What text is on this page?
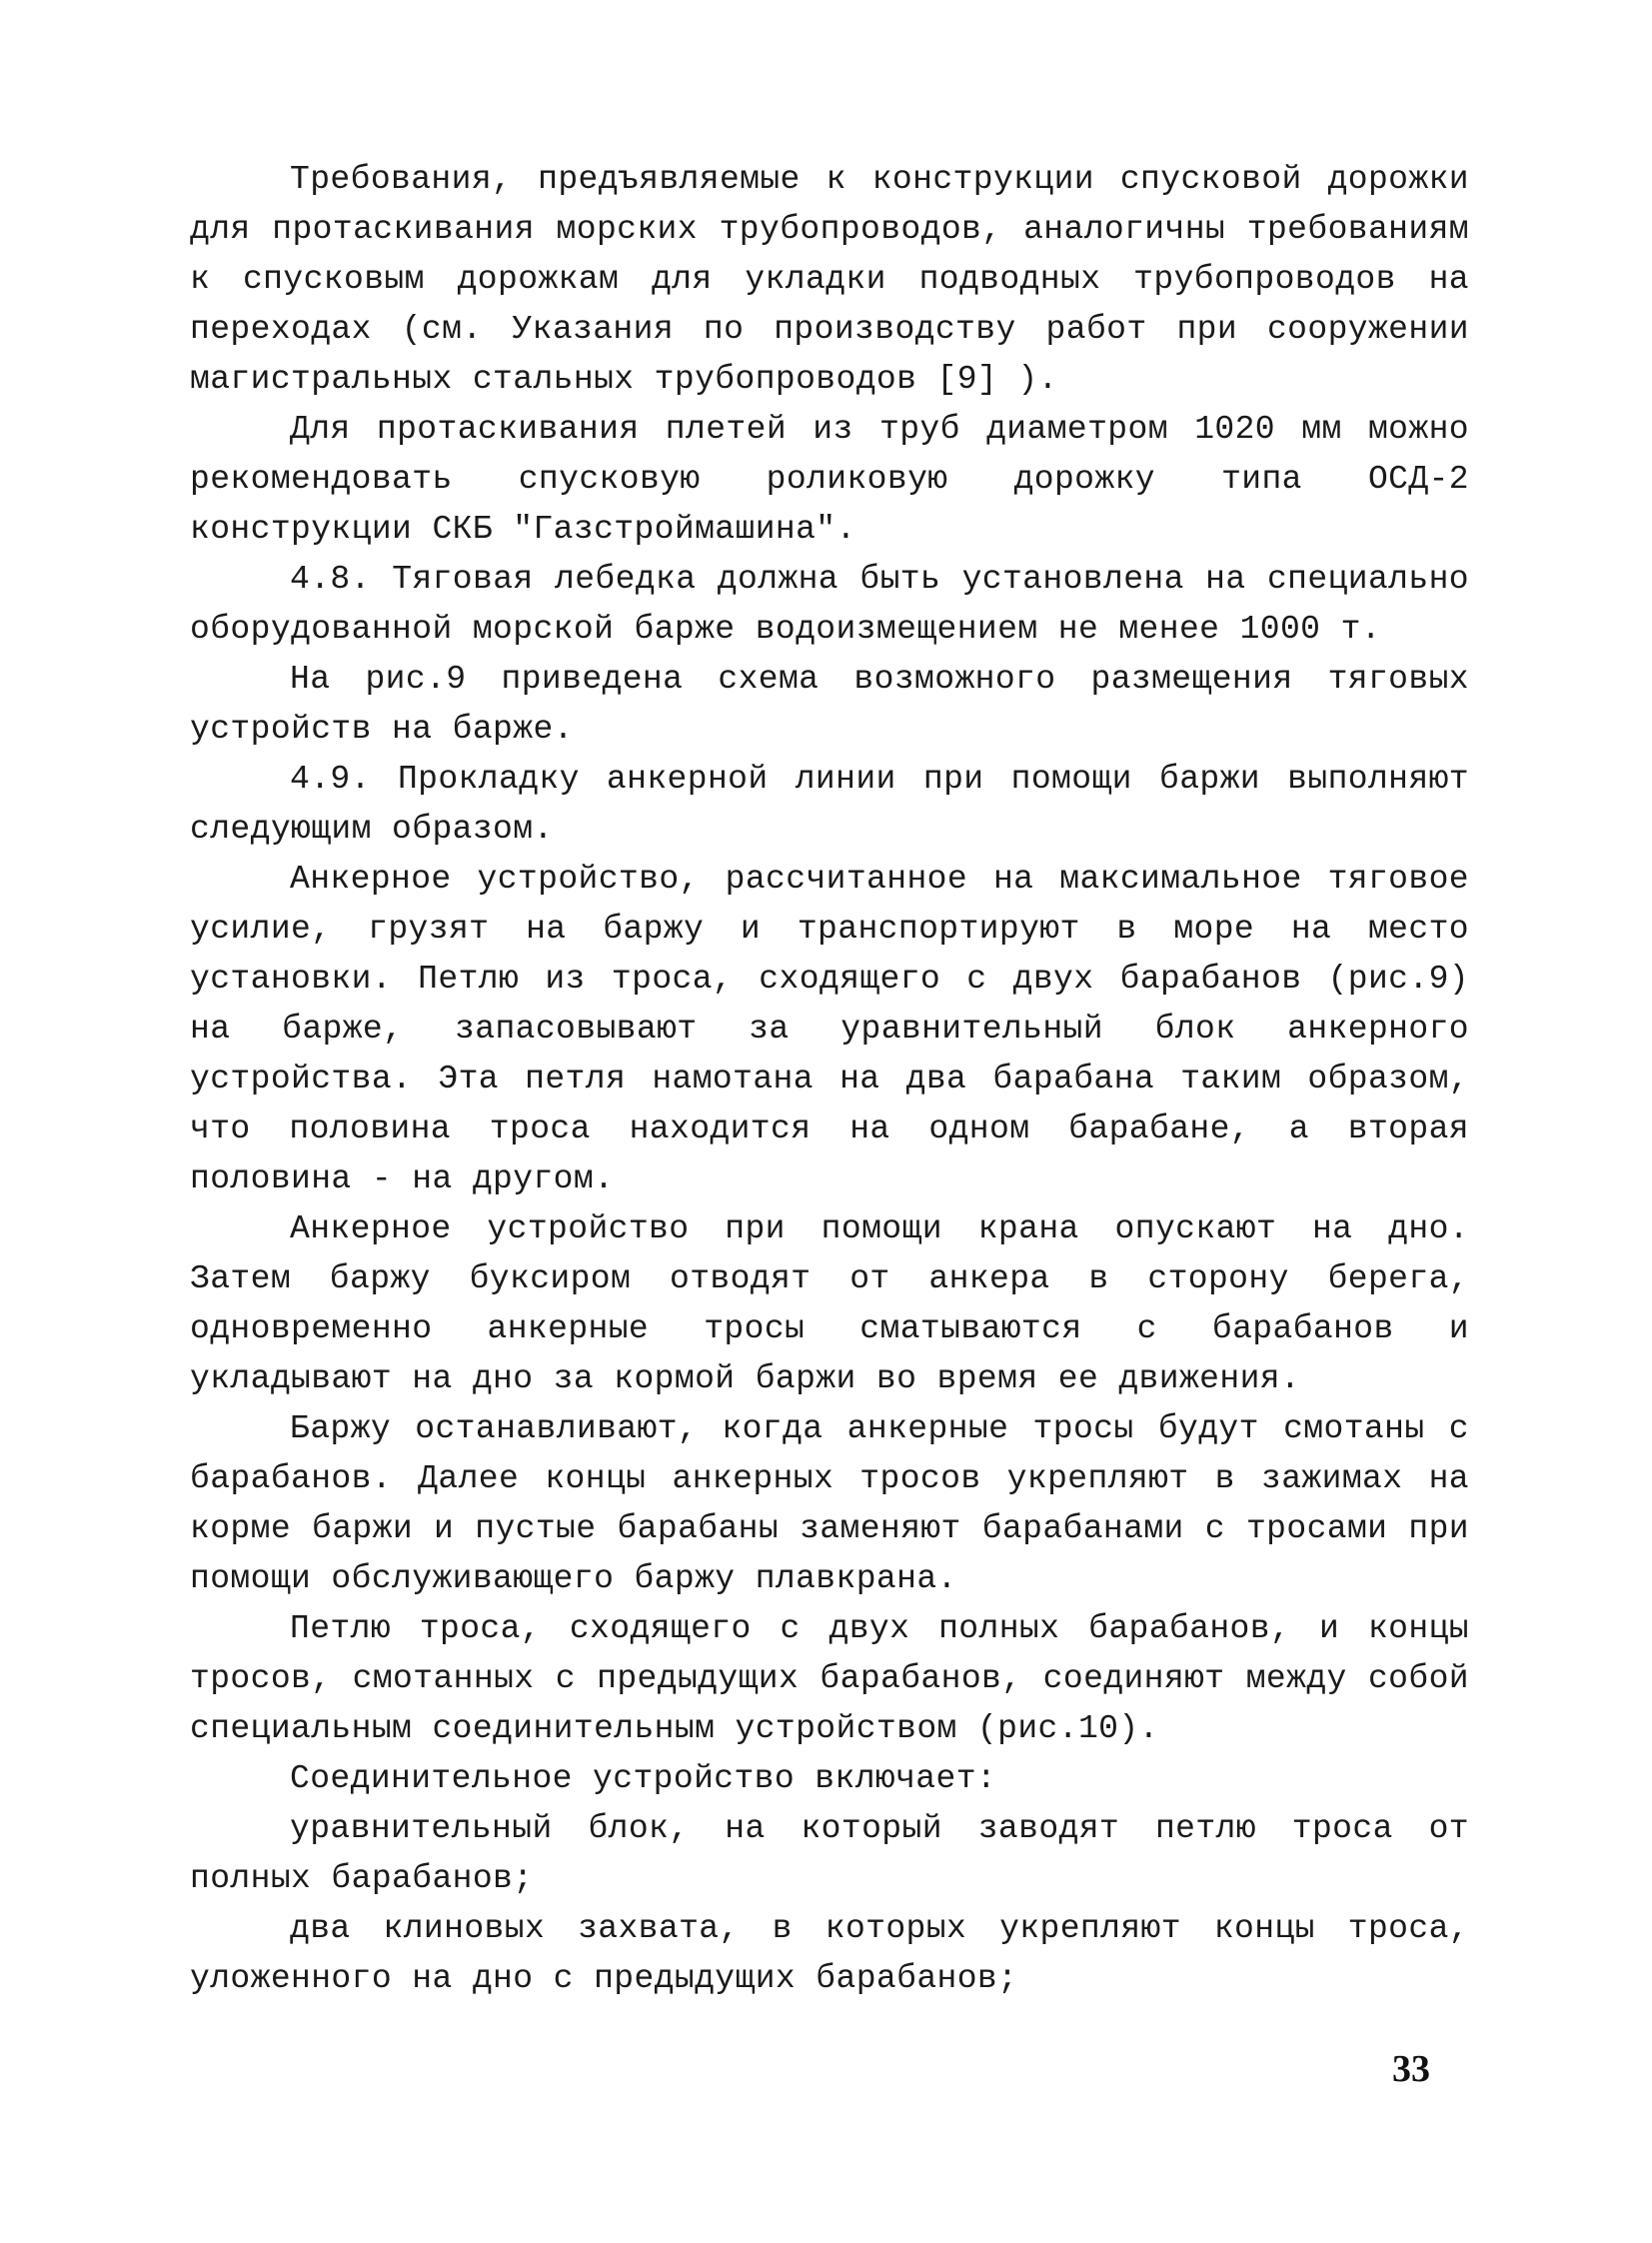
Требования, предъявляемые к конструкции спусковой дорожки для протаскивания морских трубопроводов, аналогичны требованиям к спусковым дорожкам для укладки подводных трубопроводов на переходах (см. Указания по производству работ при сооружении магистральных стальных трубопроводов [9] ).

Для протаскивания плетей из труб диаметром 1020 мм можно рекомендовать спусковую роликовую дорожку типа ОСД-2 конструкции СКБ "Газстроймашина".

4.8. Тяговая лебедка должна быть установлена на специально оборудованной морской барже водоизмещением не менее 1000 т.

На рис.9 приведена схема возможного размещения тяговых устройств на барже.

4.9. Прокладку анкерной линии при помощи баржи выполняют следующим образом.

Анкерное устройство, рассчитанное на максимальное тяговое усилие, грузят на баржу и транспортируют в море на место установки. Петлю из троса, сходящего с двух барабанов (рис.9) на барже, запасовывают за уравнительный блок анкерного устройства. Эта петля намотана на два барабана таким образом, что половина троса находится на одном барабане, а вторая половина - на другом.

Анкерное устройство при помощи крана опускают на дно. Затем баржу буксиром отводят от анкера в сторону берега, одновременно анкерные тросы сматываются с барабанов и укладывают на дно за кормой баржи во время ее движения.

Баржу останавливают, когда анкерные тросы будут смотаны с барабанов. Далее концы анкерных тросов укрепляют в зажимах на корме баржи и пустые барабаны заменяют барабанами с тросами при помощи обслуживающего баржу плавкрана.

Петлю троса, сходящего с двух полных барабанов, и концы тросов, смотанных с предыдущих барабанов, соединяют между собой специальным соединительным устройством (рис.10).

Соединительное устройство включает:

уравнительный блок, на который заводят петлю троса от полных барабанов;

два клиновых захвата, в которых укрепляют концы троса, уложенного на дно с предыдущих барабанов;

33
